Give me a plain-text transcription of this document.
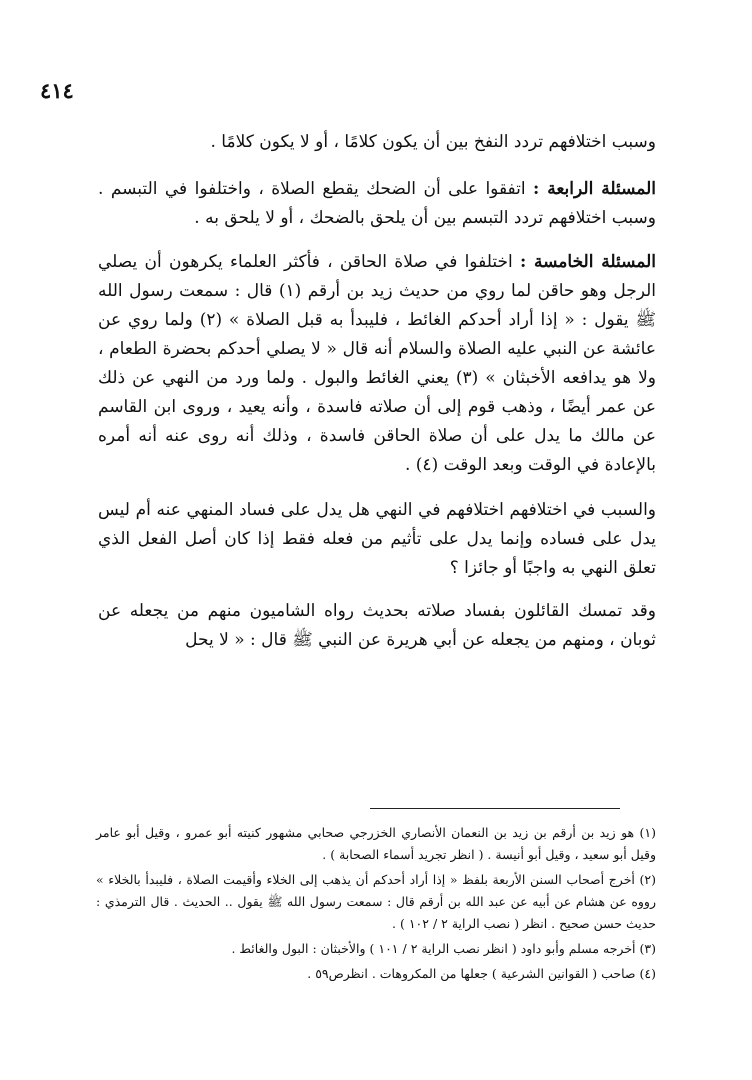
٤١٤

وسبب اختلافهم تردد النفخ بين أن يكون كلامًا ، أو لا يكون كلامًا .

المسئلة الرابعة : اتفقوا على أن الضحك يقطع الصلاة ، واختلفوا في التبسم . وسبب اختلافهم تردد التبسم بين أن يلحق بالضحك ، أو لا يلحق به .

المسئلة الخامسة : اختلفوا في صلاة الحاقن ، فأكثر العلماء يكرهون أن يصلي الرجل وهو حاقن لما روي من حديث زيد بن أرقم (١) قال : سمعت رسول الله ﷺ يقول : « إذا أراد أحدكم الغائط ، فليبدأ به قبل الصلاة » (٢) ولما روي عن عائشة عن النبي عليه الصلاة والسلام أنه قال « لا يصلي أحدكم بحضرة الطعام ، ولا هو يدافعه الأخبثان » (٣) يعني الغائط والبول . ولما ورد من النهي عن ذلك عن عمر أيضًا ، وذهب قوم إلى أن صلاته فاسدة ، وأنه يعيد ، وروى ابن القاسم عن مالك ما يدل على أن صلاة الحاقن فاسدة ، وذلك أنه روى عنه أنه أمره بالإعادة في الوقت وبعد الوقت (٤) .

والسبب في اختلافهم اختلافهم في النهي هل يدل على فساد المنهي عنه أم ليس يدل على فساده وإنما يدل على تأثيم من فعله فقط إذا كان أصل الفعل الذي تعلق النهي به واجبًا أو جائزا ؟

وقد تمسك القائلون بفساد صلاته بحديث رواه الشاميون منهم من يجعله عن ثوبان ، ومنهم من يجعله عن أبي هريرة عن النبي ﷺ قال : « لا يحل

(١) هو زيد بن أرقم بن زيد بن النعمان الأنصاري الخزرجي صحابي مشهور كنيته أبو عمرو ، وقيل أبو عامر وقيل أبو سعيد ، وقيل أبو أنيسة . ( انظر تجريد أسماء الصحابة ) .

(٢) أخرج أصحاب السنن الأربعة بلفظ « إذا أراد أحدكم أن يذهب إلى الخلاء وأقيمت الصلاة ، فليبدأ بالخلاء » رووه عن هشام عن أبيه عن عبد الله بن أرقم قال : سمعت رسول الله ﷺ يقول .. الحديث . قال الترمذي : حديث حسن صحيح . انظر ( نصب الراية ٢ / ١٠٢ ) .

(٣) أخرجه مسلم وأبو داود ( انظر نصب الراية ٢ / ١٠١ ) والأخبثان : البول والغائط .

(٤) صاحب ( القوانين الشرعية ) جعلها من المكروهات . انظرص٥٩ .
